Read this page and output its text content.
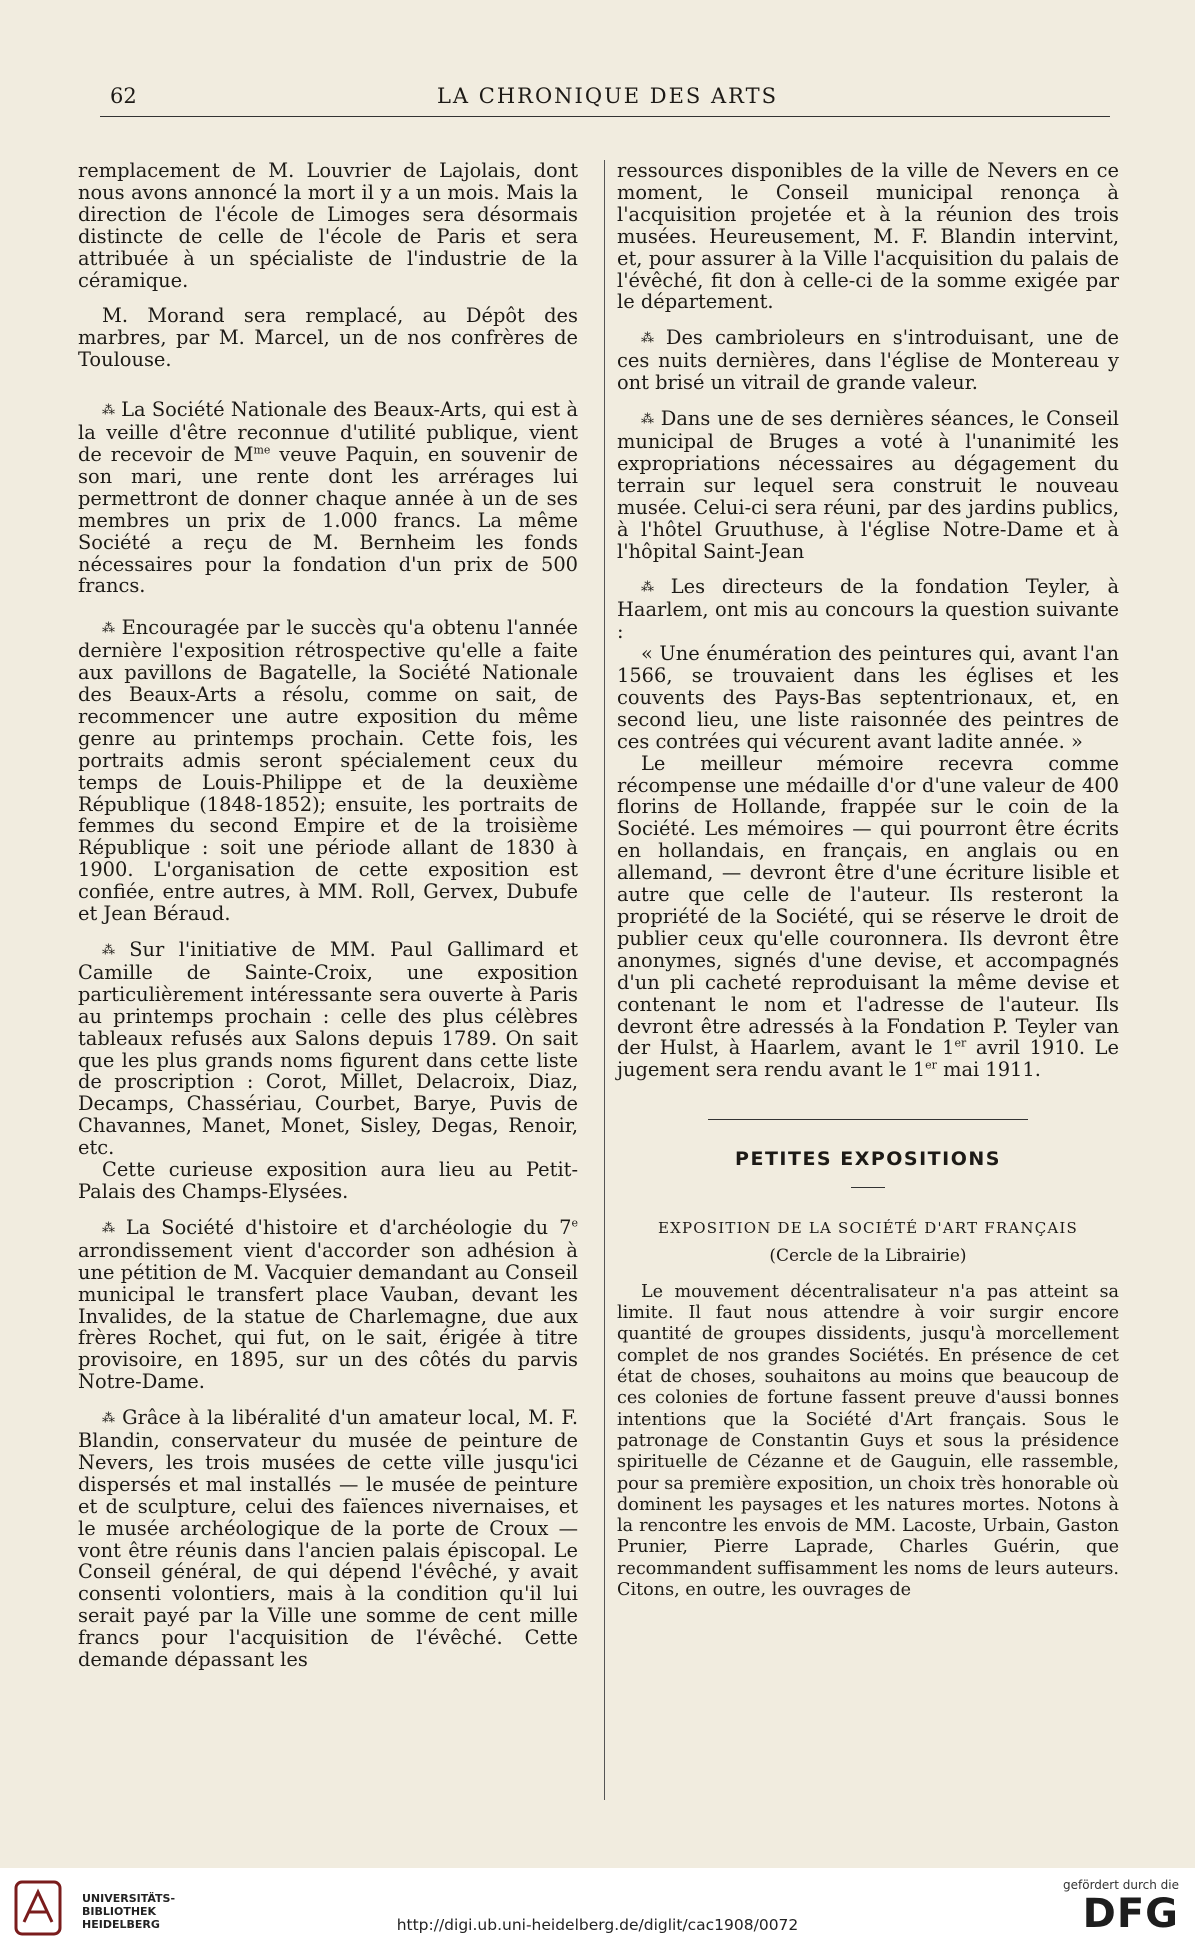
62	LA CHRONIQUE DES ARTS

remplacement de M. Louvrier de Lajolais, dont nous avons annoncé la mort il y a un mois. Mais la direction de l'école de Limoges sera désormais distincte de celle de l'école de Paris et sera attribuée à un spécialiste de l'industrie de la céramique.

M. Morand sera remplacé, au Dépôt des marbres, par M. Marcel, un de nos confrères de Toulouse.

⁂ La Société Nationale des Beaux-Arts, qui est à la veille d'être reconnue d'utilité publique, vient de recevoir de $M^{me}$ veuve Paquin, en souvenir de son mari, une rente dont les arrérages lui permettront de donner chaque année à un de ses membres un prix de 1.000 francs. La même Société a reçu de M. Bernheim les fonds nécessaires pour la fondation d'un prix de 500 francs.

⁂ Encouragée par le succès qu'a obtenu l'année dernière l'exposition rétrospective qu'elle a faite aux pavillons de Bagatelle, la Société Nationale des Beaux-Arts a résolu, comme on sait, de recommencer une autre exposition du même genre au printemps prochain. Cette fois, les portraits admis seront spécialement ceux du temps de Louis-Philippe et de la deuxième République (1848-1852); ensuite, les portraits de femmes du second Empire et de la troisième République : soit une période allant de 1830 à 1900. L'organisation de cette exposition est confiée, entre autres, à MM. Roll, Gervex, Dubufe et Jean Béraud.

⁂ Sur l'initiative de MM. Paul Gallimard et Camille de Sainte-Croix, une exposition particulièrement intéressante sera ouverte à Paris au printemps prochain : celle des plus célèbres tableaux refusés aux Salons depuis 1789. On sait que les plus grands noms figurent dans cette liste de proscription : Corot, Millet, Delacroix, Diaz, Decamps, Chassériau, Courbet, Barye, Puvis de Chavannes, Manet, Monet, Sisley, Degas, Renoir, etc.

Cette curieuse exposition aura lieu au Petit-Palais des Champs-Elysées.

⁂ La Société d'histoire et d'archéologie du 7e arrondissement vient d'accorder son adhésion à une pétition de M. Vacquier demandant au Conseil municipal le transfert place Vauban, devant les Invalides, de la statue de Charlemagne, due aux frères Rochet, qui fut, on le sait, érigée à titre provisoire, en 1895, sur un des côtés du parvis Notre-Dame.

⁂ Grâce à la libéralité d'un amateur local, M. F. Blandin, conservateur du musée de peinture de Nevers, les trois musées de cette ville jusqu'ici dispersés et mal installés — le musée de peinture et de sculpture, celui des faïences nivernaises, et le musée archéologique de la porte de Croux — vont être réunis dans l'ancien palais épiscopal. Le Conseil général, de qui dépend l'évêché, y avait consenti volontiers, mais à la condition qu'il lui serait payé par la Ville une somme de cent mille francs pour l'acquisition de l'évêché. Cette demande dépassant les

ressources disponibles de la ville de Nevers en ce moment, le Conseil municipal renonça à l'acquisition projetée et à la réunion des trois musées. Heureusement, M. F. Blandin intervint, et, pour assurer à la Ville l'acquisition du palais de l'évêché, fit don à celle-ci de la somme exigée par le département.

⁂ Des cambrioleurs en s'introduisant, une de ces nuits dernières, dans l'église de Montereau y ont brisé un vitrail de grande valeur.

⁂ Dans une de ses dernières séances, le Conseil municipal de Bruges a voté à l'unanimité les expropriations nécessaires au dégagement du terrain sur lequel sera construit le nouveau musée. Celui-ci sera réuni, par des jardins publics, à l'hôtel Gruuthuse, à l'église Notre-Dame et à l'hôpital Saint-Jean

⁂ Les directeurs de la fondation Teyler, à Haarlem, ont mis au concours la question suivante :

« Une énumération des peintures qui, avant l'an 1566, se trouvaient dans les églises et les couvents des Pays-Bas septentrionaux, et, en second lieu, une liste raisonnée des peintres de ces contrées qui vécurent avant ladite année. »

Le meilleur mémoire recevra comme récompense une médaille d'or d'une valeur de 400 florins de Hollande, frappée sur le coin de la Société. Les mémoires — qui pourront être écrits en hollandais, en français, en anglais ou en allemand, — devront être d'une écriture lisible et autre que celle de l'auteur. Ils resteront la propriété de la Société, qui se réserve le droit de publier ceux qu'elle couronnera. Ils devront être anonymes, signés d'une devise, et accompagnés d'un pli cacheté reproduisant la même devise et contenant le nom et l'adresse de l'auteur. Ils devront être adressés à la Fondation P. Teyler van der Hulst, à Haarlem, avant le 1er avril 1910. Le jugement sera rendu avant le 1er mai 1911.

PETITES EXPOSITIONS
EXPOSITION DE LA SOCIÉTÉ D'ART FRANÇAIS
(Cercle de la Librairie)

Le mouvement décentralisateur n'a pas atteint sa limite. Il faut nous attendre à voir surgir encore quantité de groupes dissidents, jusqu'à morcellement complet de nos grandes Sociétés. En présence de cet état de choses, souhaitons au moins que beaucoup de ces colonies de fortune fassent preuve d'aussi bonnes intentions que la Société d'Art français. Sous le patronage de Constantin Guys et sous la présidence spirituelle de Cézanne et de Gauguin, elle rassemble, pour sa première exposition, un choix très honorable où dominent les paysages et les natures mortes. Notons à la rencontre les envois de MM. Lacoste, Urbain, Gaston Prunier, Pierre Laprade, Charles Guérin, que recommandent suffisamment les noms de leurs auteurs. Citons, en outre, les ouvrages de

UNIVERSITÄTS-
BIBLIOTHEK
HEIDELBERG	http://digi.ub.uni-heidelberg.de/diglit/cac1908/0072
gefördert durch die
DFG
